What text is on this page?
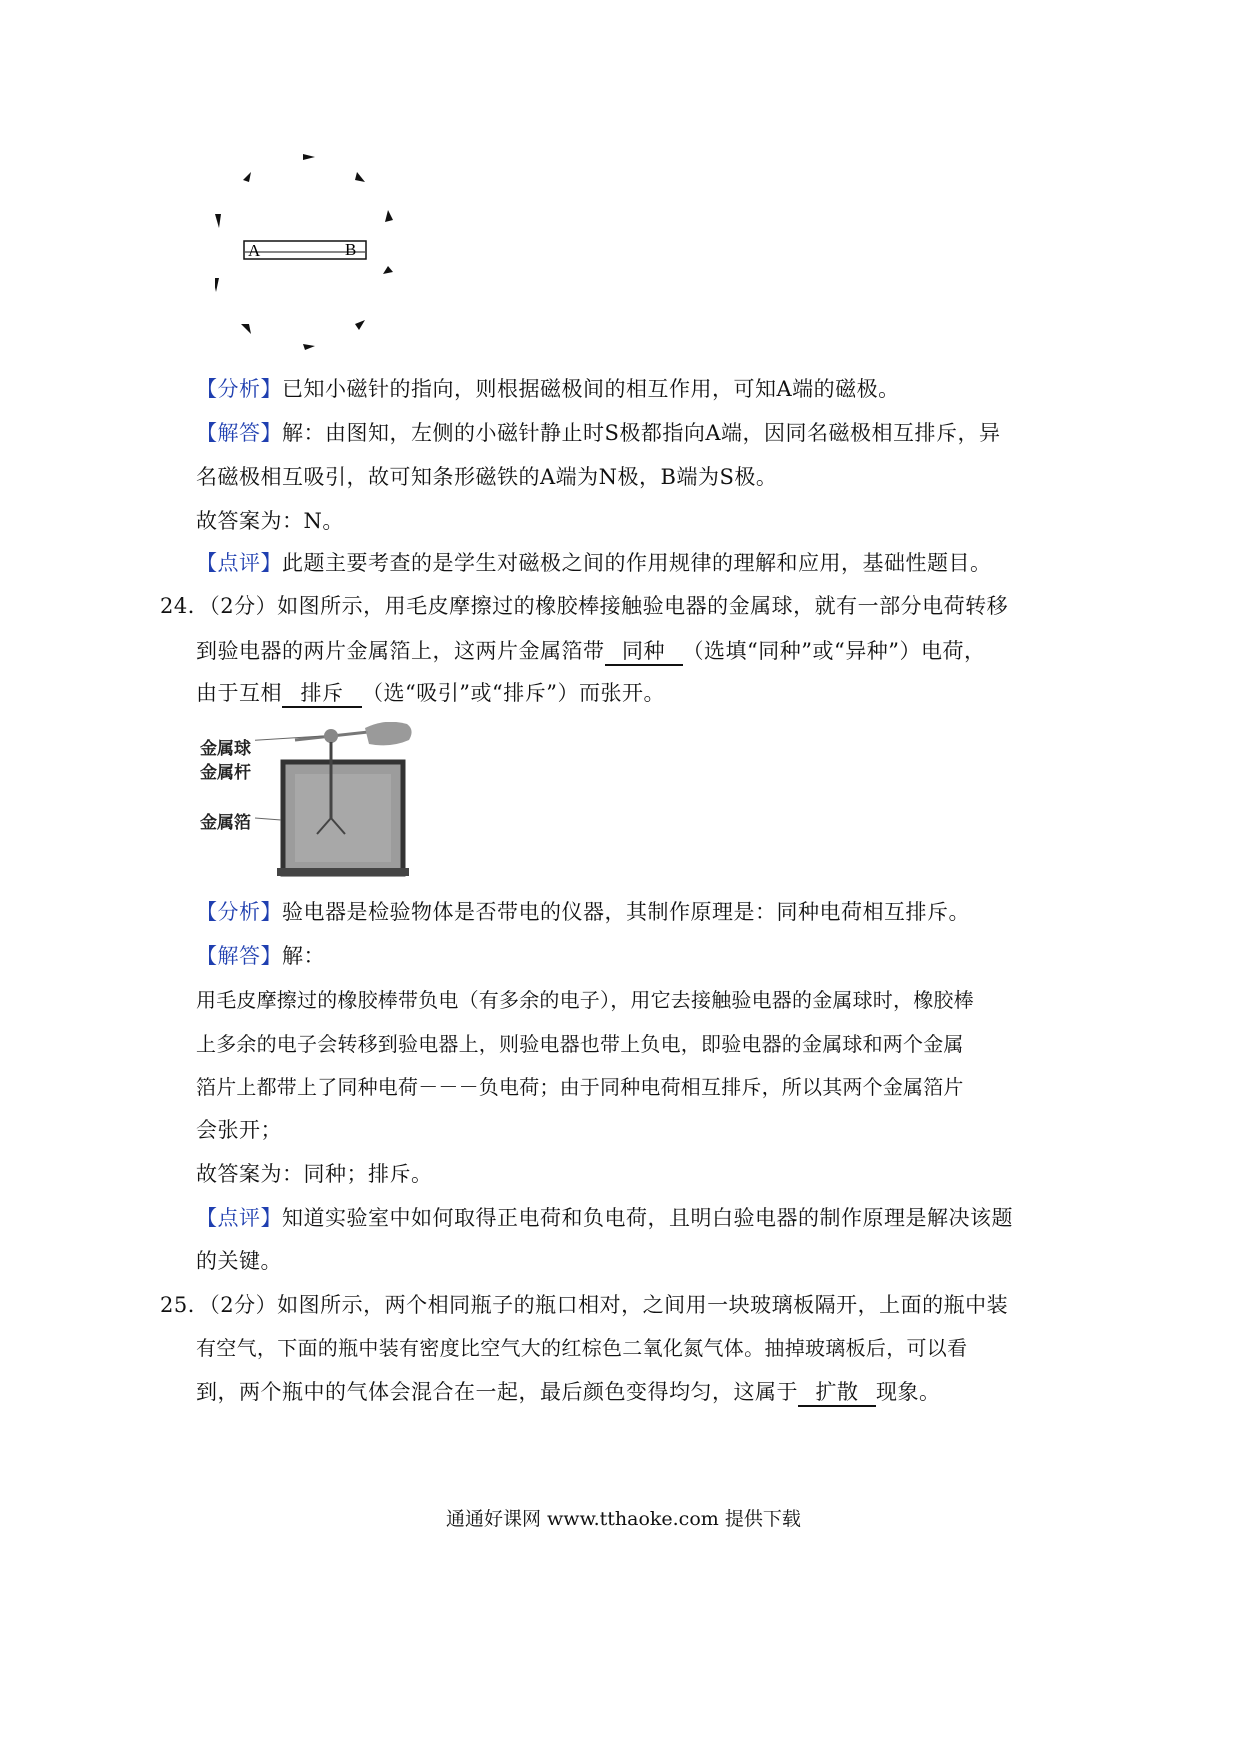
A	B
【分析】已知小磁针的指向，则根据磁极间的相互作用，可知A端的磁极。
【解答】解：由图知，左侧的小磁针静止时S极都指向A端，因同名磁极相互排斥，异
名磁极相互吸引，故可知条形磁铁的A端为N极，B端为S极。
故答案为：N。
【点评】此题主要考查的是学生对磁极之间的作用规律的理解和应用，基础性题目。
24．（2分）如图所示，用毛皮摩擦过的橡胶棒接触验电器的金属球，就有一部分电荷转移
到验电器的两片金属箔上，这两片金属箔带 同种 （选填“同种”或“异种”）电荷，
由于互相 排斥 （选“吸引”或“排斥”）而张开。
金属球
金属杆
金属箔
【分析】验电器是检验物体是否带电的仪器，其制作原理是：同种电荷相互排斥。
【解答】解：
用毛皮摩擦过的橡胶棒带负电（有多余的电子），用它去接触验电器的金属球时，橡胶棒
上多余的电子会转移到验电器上，则验电器也带上负电，即验电器的金属球和两个金属
箔片上都带上了同种电荷－－－负电荷；由于同种电荷相互排斥，所以其两个金属箔片
会张开；
故答案为：同种；排斥。
【点评】知道实验室中如何取得正电荷和负电荷，且明白验电器的制作原理是解决该题
的关键。
25．（2分）如图所示，两个相同瓶子的瓶口相对，之间用一块玻璃板隔开，上面的瓶中装
有空气，下面的瓶中装有密度比空气大的红棕色二氧化氮气体。抽掉玻璃板后，可以看
到，两个瓶中的气体会混合在一起，最后颜色变得均匀，这属于 扩散 现象。
通通好课网 www.tthaoke.com 提供下载
